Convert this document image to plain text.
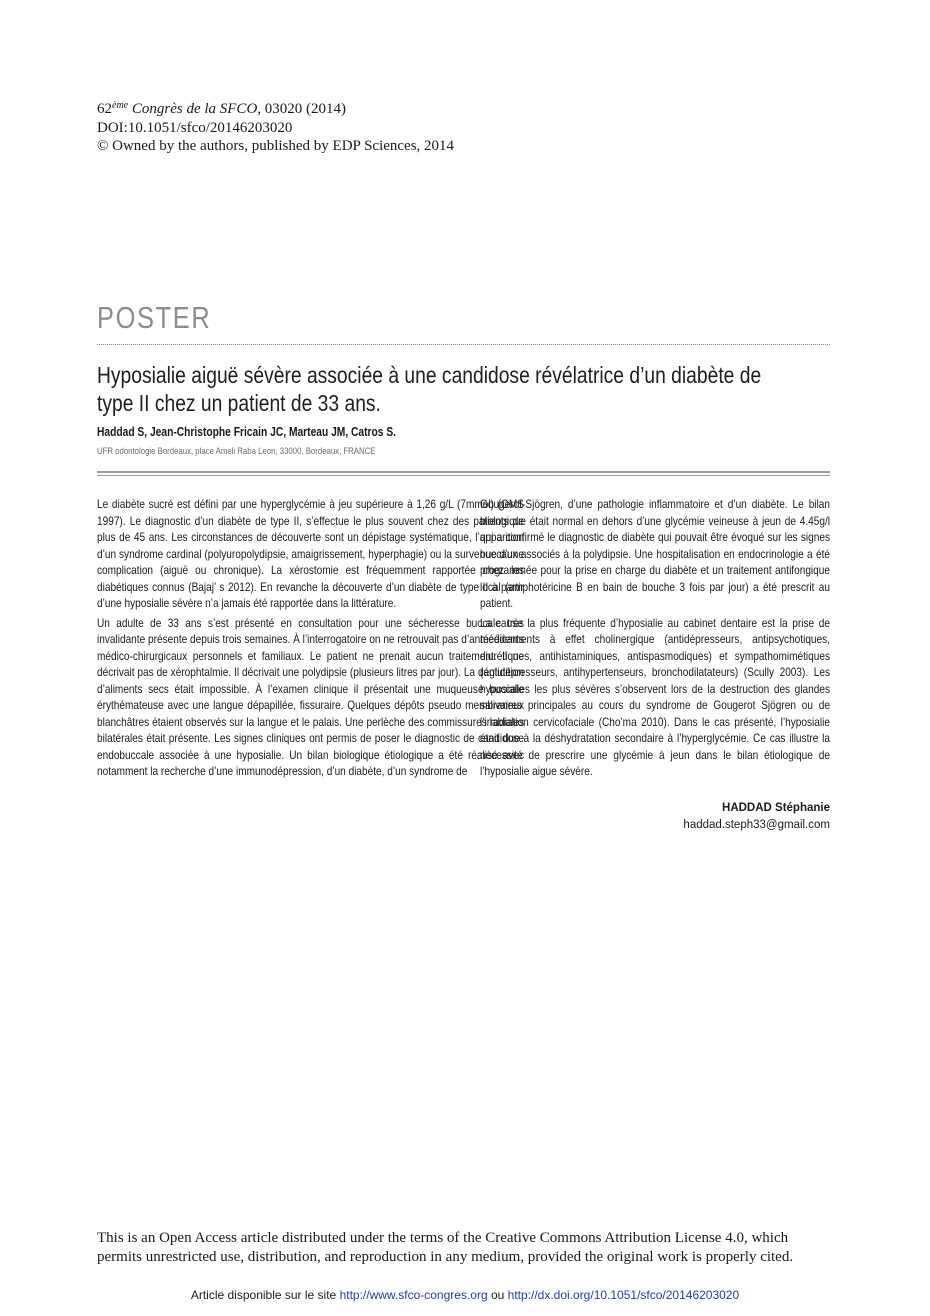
62ème Congrès de la SFCO, 03020 (2014)
DOI:10.1051/sfco/20146203020
© Owned by the authors, published by EDP Sciences, 2014
POSTER
Hyposialie aiguë sévère associée à une candidose révélatrice d’un diabète de
type II chez un patient de 33 ans.
Haddad S, Jean-Christophe Fricain JC, Marteau JM, Catros S.
UFR odontologie Bordeaux, place Ameli Raba Leon, 33000, Bordeaux, FRANCE

Le diabète sucré est défini par une hyperglycémie à jeu supérieure à 1,26 g/L (7mmol) (OMS 1997). Le diagnostic d’un diabète de type II, s’effectue le plus souvent chez des patients de plus de 45 ans. Les circonstances de découverte sont un dépistage systématique, l’apparition d’un syndrome cardinal (polyuropolydipsie, amaigrissement, hyperphagie) ou la survenue d’une complication (aiguë ou chronique). La xérostomie est fréquemment rapportée chez les diabétiques connus (Bajaj’ s 2012). En revanche la découverte d’un diabète de type II à partir d’une hyposialie sévère n’a jamais été rapportée dans la littérature.

Un adulte de 33 ans s’est présenté en consultation pour une sécheresse buccale très invalidante présente depuis trois semaines. À l’interrogatoire on ne retrouvait pas d’antécédents médico-chirurgicaux personnels et familiaux. Le patient ne prenait aucun traitement. Il ne décrivait pas de xérophtalmie. Il décrivait une polydipsie (plusieurs litres par jour). La déglutition d’aliments secs était impossible. À l’examen clinique il présentait une muqueuse buccale érythémateuse avec une langue dépapillée, fissuraire. Quelques dépôts pseudo membraneux blanchâtres étaient observés sur la langue et le palais. Une perlèche des commissures labiales bilatérales était présente. Les signes cliniques ont permis de poser le diagnostic de candidose endobuccale associée à une hyposialie. Un bilan biologique étiologique a été réalisé avec notamment la recherche d’une immunodépression, d’un diabète, d’un syndrome de

Gougerot-Sjögren, d’une pathologie inflammatoire et d’un diabète. Le bilan biologique était normal en dehors d’une glycémie veineuse à jeun de 4.45g/l qui a confirmé le diagnostic de diabète qui pouvait être évoqué sur les signes buccaux associés à la polydipsie. Une hospitalisation en endocrinologie a été programmée pour la prise en charge du diabète et un traitement antifongique local (amphotéricine B en bain de bouche 3 fois par jour) a été prescrit au patient.

La cause la plus fréquente d’hyposialie au cabinet dentaire est la prise de médicaments à effet cholinergique (antidépresseurs, antipsychotiques, diurétiques, antihistaminiques, antispasmodiques) et sympathomimétiques (antidépresseurs, antihypertenseurs, bronchodilatateurs) (Scully 2003). Les hyposialies les plus sévères s’observent lors de la destruction des glandes salivaires principales au cours du syndrome de Gougerot Sjögren ou de l’irradiation cervicofaciale (Cho’ma 2010). Dans le cas présenté, l’hyposialie était due à la déshydratation secondaire à l’hyperglycémie. Ce cas illustre la nécessité de prescrire une glycémie à jeun dans le bilan étiologique de l’hyposialie aigue sévère.

HADDAD Stéphanie
haddad.steph33@gmail.com
This is an Open Access article distributed under the terms of the Creative Commons Attribution License 4.0, which
permits unrestricted use, distribution, and reproduction in any medium, provided the original work is properly cited.
Article disponible sur le site http://www.sfco-congres.org ou http://dx.doi.org/10.1051/sfco/20146203020
